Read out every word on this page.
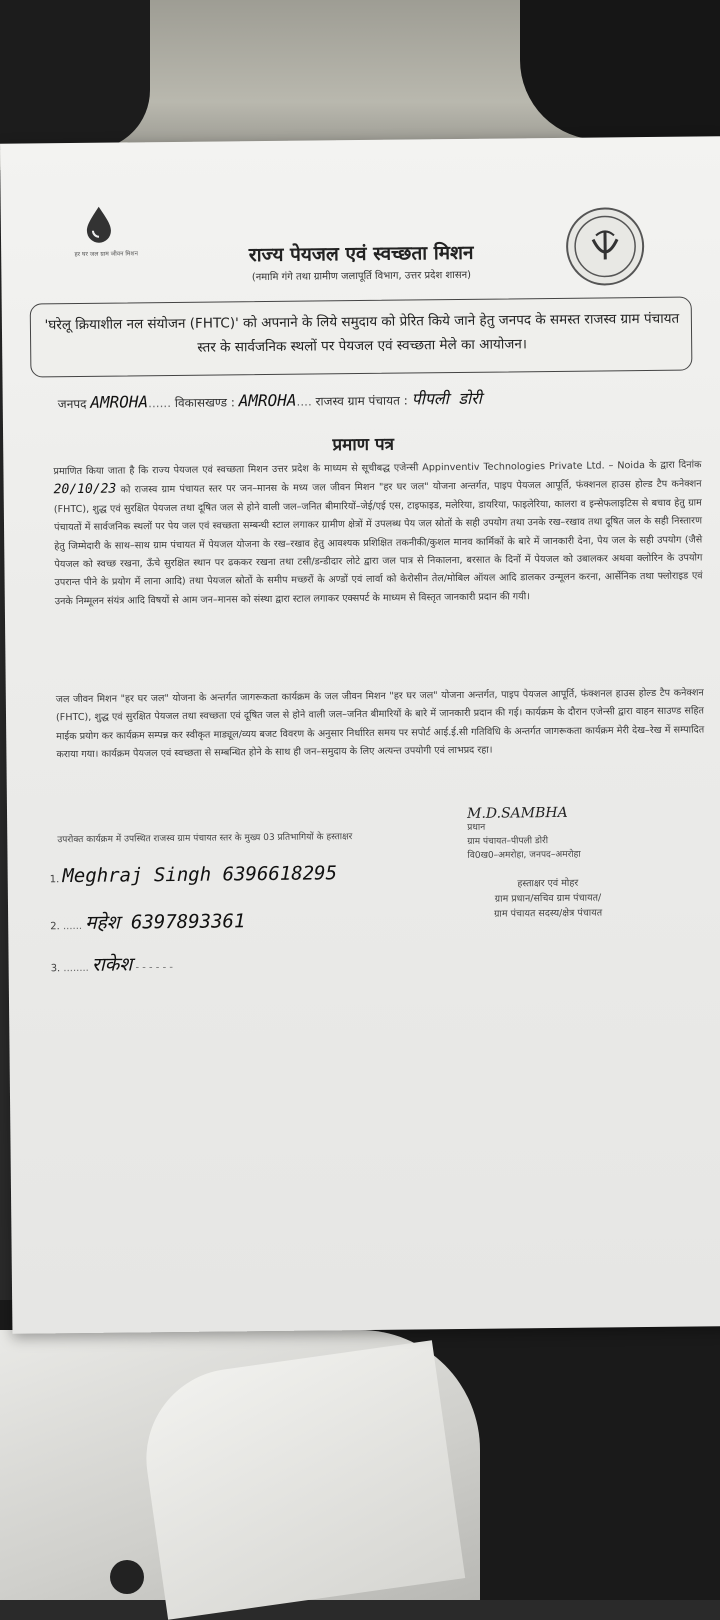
हर घर जल ग्राम जीवन मिशन	राज्य पेयजल एवं स्वच्छता मिशन
(नमामि गंगे तथा ग्रामीण जलापूर्ति विभाग, उत्तर प्रदेश शासन)
'घरेलू क्रियाशील नल संयोजन (FHTC)' को अपनाने के लिये समुदाय को प्रेरित किये जाने हेतु जनपद के समस्त राजस्व ग्राम पंचायत स्तर के सार्वजनिक स्थलों पर पेयजल एवं स्वच्छता मेले का आयोजन।
जनपद AMROHA...... विकासखण्ड : AMROHA.... राजस्व ग्राम पंचायत : पीपली डोरी
प्रमाण पत्र
प्रमाणित किया जाता है कि राज्य पेयजल एवं स्वच्छता मिशन उत्तर प्रदेश के माध्यम से सूचीबद्ध एजेन्सी Appinventiv Technologies Private Ltd. – Noida के द्वारा दिनांक 20/10/23 को राजस्व ग्राम पंचायत स्तर पर जन–मानस के मध्य जल जीवन मिशन "हर घर जल" योजना अन्तर्गत, पाइप पेयजल आपूर्ति, फंक्शनल हाउस होल्ड टैप कनेक्शन (FHTC), शुद्ध एवं सुरक्षित पेयजल तथा दूषित जल से होने वाली जल–जनित बीमारियों–जेई/एई एस, टाइफाइड, मलेरिया, डायरिया, फाइलेरिया, कालरा व इन्सेफलाइटिस से बचाव हेतु ग्राम पंचायतों में सार्वजनिक स्थलों पर पेय जल एवं स्वच्छता सम्बन्धी स्टाल लगाकर ग्रामीण क्षेत्रों में उपलब्ध पेय जल स्रोतों के सही उपयोग तथा उनके रख–रखाव तथा दूषित जल के सही निस्तारण हेतु जिम्मेदारी के साथ–साथ ग्राम पंचायत में पेयजल योजना के रख–रखाव हेतु आवश्यक प्रशिक्षित तकनीकी/कुशल मानव कार्मिकों के बारे में जानकारी देना, पेय जल के सही उपयोग (जैसे पेयजल को स्वच्छ रखना, ऊँचे सुरक्षित स्थान पर ढककर रखना तथा टसी/डन्डीदार लोटे द्वारा जल पात्र से निकालना, बरसात के दिनों में पेयजल को उबालकर अथवा क्लोरिन के उपयोग उपरान्त पीने के प्रयोग में लाना आदि) तथा पेयजल स्रोतों के समीप मच्छरों के अण्डों एवं लार्वा को केरोसीन तेल/मोबिल ऑयल आदि डालकर उन्मूलन करना, आर्सेनिक तथा फ्लोराइड एवं उनके निम्मूलन संयंत्र आदि विषयों से आम जन–मानस को संस्था द्वारा स्टाल लगाकर एक्सपर्ट के माध्यम से विस्तृत जानकारी प्रदान की गयी।
जल जीवन मिशन "हर घर जल" योजना के अन्तर्गत जागरूकता कार्यक्रम के जल जीवन मिशन "हर घर जल" योजना अन्तर्गत, पाइप पेयजल आपूर्ति, फंक्शनल हाउस होल्ड टैप कनेक्शन (FHTC), शुद्ध एवं सुरक्षित पेयजल तथा स्वच्छता एवं दूषित जल से होने वाली जल–जनित बीमारियों के बारे में जानकारी प्रदान की गई। कार्यक्रम के दौरान एजेन्सी द्वारा वाहन साउण्ड सहित माईक प्रयोग कर कार्यक्रम सम्पन्न कर स्वीकृत माड्यूल/व्यय बजट विवरण के अनुसार निर्धारित समय पर सपोर्ट आई.ई.सी गतिविधि के अन्तर्गत जागरूकता कार्यक्रम मेरी देख–रेख में सम्पादित कराया गया। कार्यक्रम पेयजल एवं स्वच्छता से सम्बन्धित होने के साथ ही जन–समुदाय के लिए अत्यन्त उपयोगी एवं लाभप्रद रहा।
M.D.SAMBHA
प्रधान
ग्राम पंचायत–पीपली डोरी
वि0ख0–अमरोहा, जनपद–अमरोहा
उपरोक्त कार्यक्रम में उपस्थित राजस्व ग्राम पंचायत स्तर के मुख्य 03 प्रतिभागियों के हस्ताक्षर
1. Meghraj Singh 6396618295
2. ...... महेश 6397893361
3. ........ राकेश - - - - - -
हस्ताक्षर एवं मोहर
ग्राम प्रधान/सचिव ग्राम पंचायत/
ग्राम पंचायत सदस्य/क्षेत्र पंचायत
